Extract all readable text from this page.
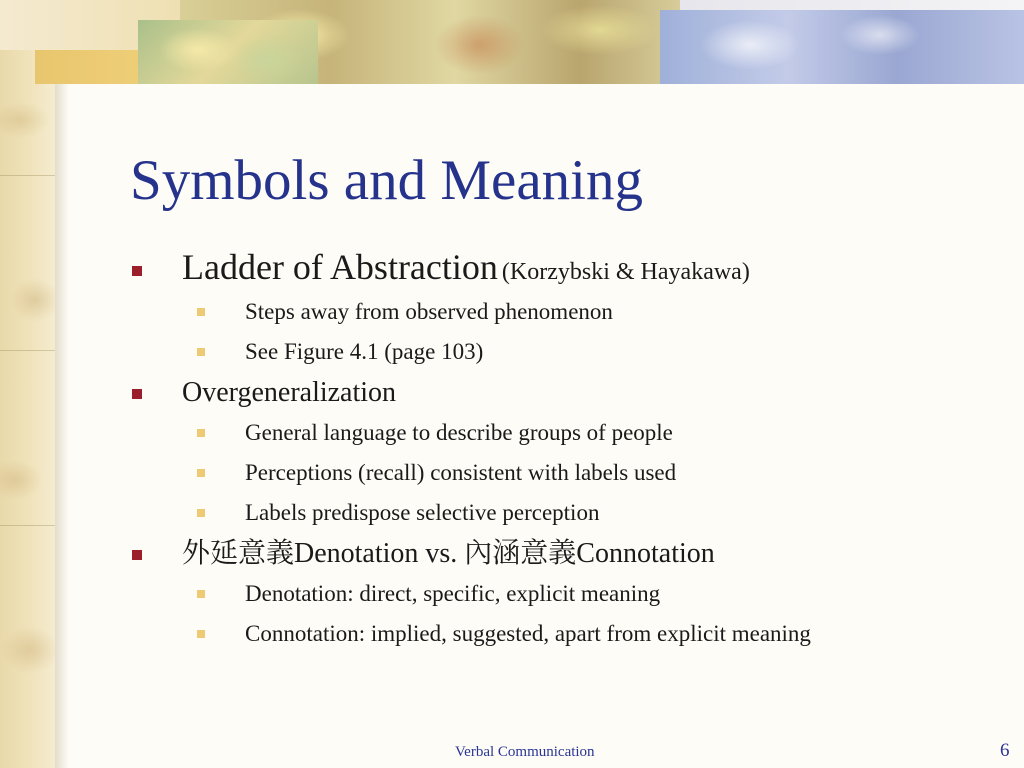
Symbols and Meaning
Ladder of Abstraction (Korzybski & Hayakawa)
Steps away from observed phenomenon
See Figure 4.1 (page 103)
Overgeneralization
General language to describe groups of people
Perceptions (recall) consistent with labels used
Labels predispose selective perception
外延意義Denotation vs. 內涵意義Connotation
Denotation: direct, specific, explicit meaning
Connotation: implied, suggested, apart from explicit meaning
Verbal Communication	6
